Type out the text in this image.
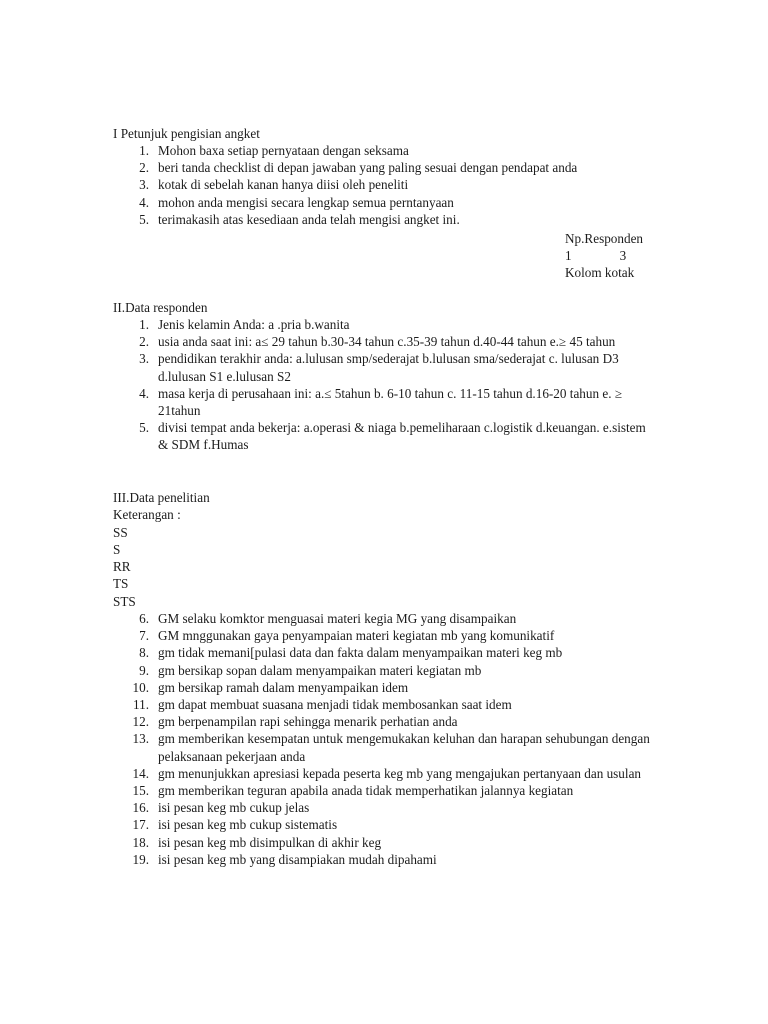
I Petunjuk pengisian angket
1. Mohon baxa setiap pernyataan dengan seksama
2. beri tanda checklist di depan jawaban yang paling sesuai dengan pendapat anda
3. kotak di sebelah kanan hanya diisi oleh peneliti
4. mohon anda mengisi secara lengkap semua perntanyaan
5. terimakasih atas kesediaan anda telah mengisi angket ini.
Np.Responden
1	3
Kolom kotak
II.Data responden
1. Jenis kelamin Anda: a .pria b.wanita
2. usia anda saat ini: a≤ 29 tahun b.30-34 tahun c.35-39 tahun d.40-44 tahun e.≥ 45 tahun
3. pendidikan terakhir anda: a.lulusan smp/sederajat b.lulusan sma/sederajat c. lulusan D3 d.lulusan S1 e.lulusan S2
4. masa kerja di perusahaan ini: a.≤ 5tahun b. 6-10 tahun c. 11-15 tahun d.16-20 tahun e. ≥ 21tahun
5. divisi tempat anda bekerja: a.operasi & niaga b.pemeliharaan c.logistik d.keuangan. e.sistem & SDM f.Humas
III.Data penelitian
Keterangan :
SS
S
RR
TS
STS
6. GM selaku komktor menguasai materi kegia MG yang disampaikan
7. GM mnggunakan gaya penyampaian materi kegiatan mb yang komunikatif
8. gm tidak memani[pulasi data dan fakta dalam menyampaikan materi keg mb
9. gm bersikap sopan dalam menyampaikan materi kegiatan mb
10. gm bersikap ramah dalam menyampaikan idem
11. gm dapat membuat suasana menjadi tidak membosankan saat idem
12. gm berpenampilan rapi sehingga menarik perhatian anda
13. gm memberikan kesempatan untuk mengemukakan keluhan dan harapan sehubungan dengan pelaksanaan pekerjaan anda
14. gm menunjukkan apresiasi kepada peserta keg mb yang mengajukan pertanyaan dan usulan
15. gm memberikan teguran apabila anada tidak memperhatikan jalannya kegiatan
16. isi pesan keg mb cukup jelas
17. isi pesan keg mb cukup sistematis
18. isi pesan keg mb disimpulkan di akhir keg
19. isi pesan keg mb yang disampiakan mudah dipahami
